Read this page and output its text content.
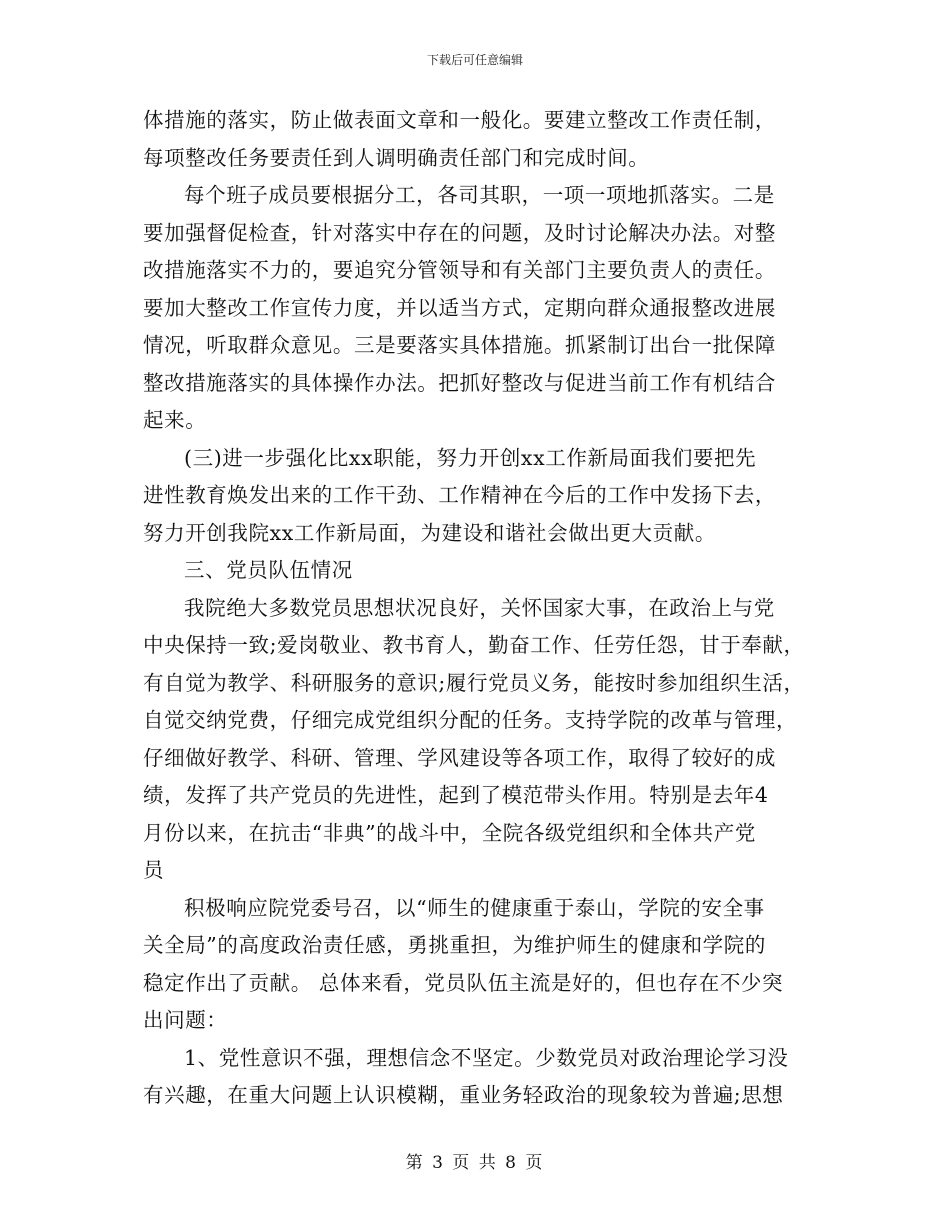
下载后可任意编辑
体措施的落实，防止做表面文章和一般化。要建立整改工作责任制，
每项整改任务要责任到人调明确责任部门和完成时间。
每个班子成员要根据分工，各司其职，一项一项地抓落实。二是
要加强督促检查，针对落实中存在的问题，及时讨论解决办法。对整
改措施落实不力的，要追究分管领导和有关部门主要负责人的责任。
要加大整改工作宣传力度，并以适当方式，定期向群众通报整改进展
情况，听取群众意见。三是要落实具体措施。抓紧制订出台一批保障
整改措施落实的具体操作办法。把抓好整改与促进当前工作有机结合
起来。
(三)进一步强化比xx职能，努力开创xx工作新局面我们要把先
进性教育焕发出来的工作干劲、工作精神在今后的工作中发扬下去，
努力开创我院xx工作新局面，为建设和谐社会做出更大贡献。
三、党员队伍情况
我院绝大多数党员思想状况良好，关怀国家大事，在政治上与党
中央保持一致;爱岗敬业、教书育人，勤奋工作、任劳任怨，甘于奉献，
有自觉为教学、科研服务的意识;履行党员义务，能按时参加组织生活，
自觉交纳党费，仔细完成党组织分配的任务。支持学院的改革与管理，
仔细做好教学、科研、管理、学风建设等各项工作，取得了较好的成
绩，发挥了共产党员的先进性，起到了模范带头作用。特别是去年4
月份以来，在抗击“非典”的战斗中，全院各级党组织和全体共产党
员
积极响应院党委号召，以“师生的健康重于泰山，学院的安全事
关全局”的高度政治责任感，勇挑重担，为维护师生的健康和学院的
稳定作出了贡献。 总体来看，党员队伍主流是好的，但也存在不少突
出问题：
1、党性意识不强，理想信念不坚定。少数党员对政治理论学习没
有兴趣，在重大问题上认识模糊，重业务轻政治的现象较为普遍;思想
第 3 页 共 8 页
